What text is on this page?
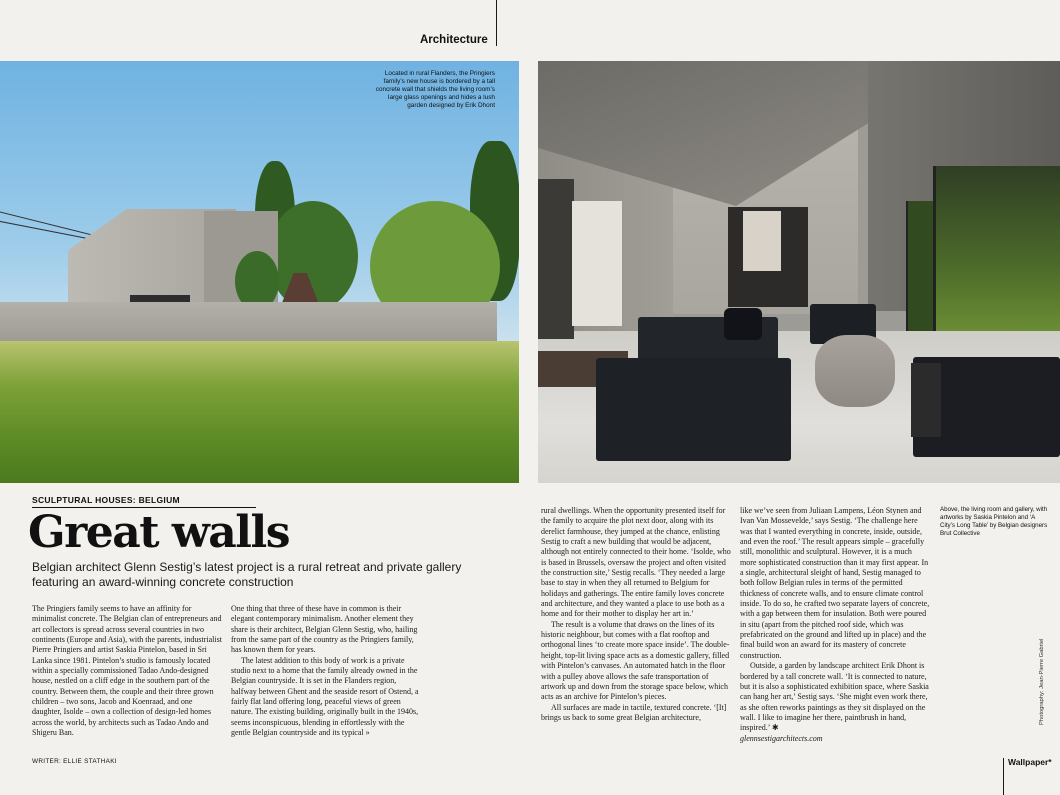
Architecture
Located in rural Flanders, the Pringiers family’s new house is bordered by a tall concrete wall that shields the living room’s large glass openings and hides a lush garden designed by Erik Dhont
SCULPTURAL HOUSES: BELGIUM
Great walls
Belgian architect Glenn Sestig’s latest project is a rural retreat and private gallery featuring an award-winning concrete construction

The Pringiers family seems to have an affinity for minimalist concrete. The Belgian clan of entrepreneurs and art collectors is spread across several countries in two continents (Europe and Asia), with the parents, industrialist Pierre Pringiers and artist Saskia Pintelon, based in Sri Lanka since 1981. Pintelon’s studio is famously located within a specially commissioned Tadao Ando-designed house, nestled on a cliff edge in the southern part of the country. Between them, the couple and their three grown children – two sons, Jacob and Koenraad, and one daughter, Isolde – own a collection of design-led homes across the world, by architects such as Tadao Ando and Shigeru Ban.

One thing that three of these have in common is their elegant contemporary minimalism. Another element they share is their architect, Belgian Glenn Sestig, who, hailing from the same part of the country as the Pringiers family, has known them for years.

The latest addition to this body of work is a private studio next to a home that the family already owned in the Belgian countryside. It is set in the Flanders region, halfway between Ghent and the seaside resort of Ostend, a fairly flat land offering long, peaceful views of green nature. The existing building, originally built in the 1940s, seems inconspicuous, blending in effortlessly with the gentle Belgian countryside and its typical »

rural dwellings. When the opportunity presented itself for the family to acquire the plot next door, along with its derelict farmhouse, they jumped at the chance, enlisting Sestig to craft a new building that would be adjacent, although not entirely connected to their home. ‘Isolde, who is based in Brussels, oversaw the project and often visited the construction site,’ Sestig recalls. ‘They needed a large base to stay in when they all returned to Belgium for holidays and gatherings. The entire family loves concrete and architecture, and they wanted a place to use both as a home and for their mother to display her art in.’

The result is a volume that draws on the lines of its historic neighbour, but comes with a flat rooftop and orthogonal lines ‘to create more space inside’. The double-height, top-lit living space acts as a domestic gallery, filled with Pintelon’s canvases. An automated hatch in the floor with a pulley above allows the safe transportation of artwork up and down from the storage space below, which acts as an archive for Pintelon’s pieces.

All surfaces are made in tactile, textured concrete. ‘[It] brings us back to some great Belgian architecture,

like we’ve seen from Juliaan Lampens, Léon Stynen and Ivan Van Mossevelde,’ says Sestig. ‘The challenge here was that I wanted everything in concrete, inside, outside, and even the roof.’ The result appears simple – gracefully still, monolithic and sculptural. However, it is a much more sophisticated construction than it may first appear. In a single, architectural sleight of hand, Sestig managed to both follow Belgian rules in terms of the permitted thickness of concrete walls, and to ensure climate control inside. To do so, he crafted two separate layers of concrete, with a gap between them for insulation. Both were poured in situ (apart from the pitched roof side, which was prefabricated on the ground and lifted up in place) and the final build won an award for its mastery of concrete construction.

Outside, a garden by landscape architect Erik Dhont is bordered by a tall concrete wall. ‘It is connected to nature, but it is also a sophisticated exhibition space, where Saskia can hang her art,’ Sestig says. ‘She might even work there, as she often reworks paintings as they sit displayed on the wall. I like to imagine her there, paintbrush in hand, inspired.’ ✱

glennsestigarchitects.com

Above, the living room and gallery, with artworks by Saskia Pintelon and ‘A City’s Long Table’ by Belgian designers Brut Collective
Photography: Jean-Pierre Gabriel
WRITER: ELLIE STATHAKI	Wallpaper*
